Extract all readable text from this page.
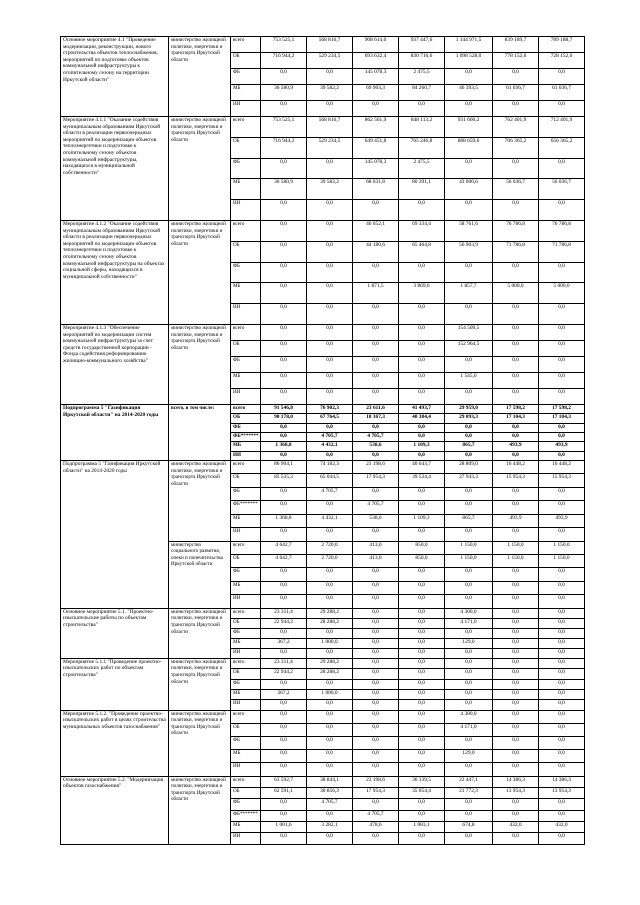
Основное мероприятие 4.1 "Проведение модернизации, реконструкции, нового строительства объектов теплоснабжения, мероприятий по подготовке объектов коммунальной инфраструктуры к отопительному сезону на территории Иркутской области"	министерство жилищной политики, энергетики и транспорта Иркутской области	всего	753 525,1	568 816,7	908 614,0	937 447,6	1 144 971,5	839 189,7	789 188,7
		ОБ	716 944,2	529 234,5	693 632,4	830 716,6	1 098 528,0	778 152,0	728 152,0
		ФБ	0,0	0,0	145 078,3	2 475,5	0,0	0,0	0,0
		МБ	36 580,9	39 582,2	69 903,3	84 260,7	46 393,5	61 036,7	61 036,7
		ИИ	0,0	0,0	0,0	0,0	0,0	0,0	0,0
Мероприятие 4.1.1 "Оказание содействия муниципальным образованиям Иркутской области в реализации первоочередных мероприятий по модернизации объектов теплоэнергетики и подготовке к отопительному сезону объектов коммунальной инфраструктуры, находящихся в муниципальной собственности"	министерство жилищной политики, энергетики и транспорта Иркутской области	всего	753 525,1	568 816,7	862 561,9	848 113,2	931 660,2	762 401,9	712 401,9
		ОБ	716 944,2	529 234,5	649 451,8	765 246,8	888 659,6	706 365,2	656 365,2
		ФБ	0,0	0,0	145 078,3	2 475,5	0,0	0,0	0,0
		МБ	36 580,9	39 582,2	68 031,8	80 391,1	43 000,6	56 036,7	56 036,7
		ИИ	0,0	0,0	0,0	0,0	0,0	0,0	0,0
Мероприятие 4.1.2 "Оказание содействия муниципальным образованиям Иркутской области в реализации первоочередных мероприятий по модернизации объектов теплоэнергетики и подготовке к отопительному сезону объектов коммунальной инфраструктуры на объектах социальной сферы, находящихся в муниципальной собственности"	министерство жилищной политики, энергетики и транспорта Иркутской области	всего	0,0	0,0	46 052,1	69 334,4	58 761,6	76 786,8	76 786,8
		ОБ	0,0	0,0	44 180,6	65 464,8	56 903,9	71 786,8	71 786,8
		ФБ	0,0	0,0	0,0	0,0	0,0	0,0	0,0
		МБ	0,0	0,0	1 871,5	3 869,6	1 857,7	5 000,0	5 000,0
		ИИ	0,0	0,0	0,0	0,0	0,0	0,0	0,0
Мероприятие 4.1.3 "Обеспечение мероприятий по модернизации систем коммунальной инфраструктуры за счет средств государственной корпорации - Фонда содействия реформированию жилищно-коммунального хозяйства"	министерство жилищной политики, энергетики и транспорта Иркутской области	всего	0,0	0,0	0,0	0,0	154 509,5	0,0	0,0
		ОБ	0,0	0,0	0,0	0,0	152 964,5	0,0	0,0
		ФБ	0,0	0,0	0,0	0,0	0,0	0,0	0,0
		МБ	0,0	0,0	0,0	0,0	1 545,0	0,0	0,0
		ИИ	0,0	0,0	0,0	0,0	0,0	0,0	0,0
Подпрограмма 5 "Газификация Иркутской области" на 2014-2020 годы	всего, в том числе:	всего	91 546,8	76 902,3	23 611,6	41 493,7	29 959,0	17 598,2	17 598,2
		ОБ	90 178,0	67 764,5	18 367,3	40 384,4	29 093,3	17 104,3	17 104,3
		ФБ	0,0	0,0	0,0	0,0	0,0	0,0	0,0
		ФБ*******	0,0	4 705,7	4 705,7	0,0	0,0	0,0	0,0
		МБ	1 368,8	4 432,1	538,6	1 109,3	865,7	493,9	493,9
		ИИ	0,0	0,0	0,0	0,0	0,0	0,0	0,0
Подпрограмма 5 "Газификация Иркутской области" на 2014-2020 годы	министерство жилищной политики, энергетики и транспорта Иркутской области	всего	86 904,1	74 182,3	23 198,6	40 643,7	28 809,0	16 448,2	16 448,2
		ОБ	85 535,3	65 044,5	17 954,3	39 534,4	27 943,3	15 954,3	15 954,3
		ФБ	0,0	4 705,7	0,0	0,0	0,0	0,0	0,0
		ФБ*******	0,0	0,0	4 705,7	0,0	0,0	0,0	0,0
		МБ	1 368,8	4 432,1	538,6	1 109,3	865,7	493,9	493,9
		ИИ	0,0	0,0	0,0	0,0	0,0	0,0	0,0
	министерство социального развития, опеки и попечительства Иркутской области	всего	4 642,7	2 720,0	413,0	850,0	1 150,0	1 150,0	1 150,0
		ОБ	4 642,7	2 720,0	413,0	850,0	1 150,0	1 150,0	1 150,0
		ФБ	0,0	0,0	0,0	0,0	0,0	0,0	0,0
		МБ	0,0	0,0	0,0	0,0	0,0	0,0	0,0
		ИИ	0,0	0,0	0,0	0,0	0,0	0,0	0,0
Основное мероприятие 5.1. "Проектно-изыскательские работы по объектам строительства"	министерство жилищной политики, энергетики и транспорта Иркутской области	всего	23 311,4	29 288,2	0,0	0,0	4 300,0	0,0	0,0
		ОБ	22 944,2	28 288,2	0,0	0,0	4 171,0	0,0	0,0
		ФБ	0,0	0,0	0,0	0,0	0,0	0,0	0,0
		МБ	367,2	1 000,0	0,0	0,0	129,0	0,0	0,0
		ИИ	0,0	0,0	0,0	0,0	0,0	0,0	0,0
Мероприятие 5.1.1 "Проведение проектно-изыскательских работ по объектам строительства"	министерство жилищной политики, энергетики и транспорта Иркутской области	всего	23 311,4	29 288,2	0,0	0,0	0,0	0,0	0,0
		ОБ	22 944,2	28 288,2	0,0	0,0	0,0	0,0	0,0
		ФБ	0,0	0,0	0,0	0,0	0,0	0,0	0,0
		МБ	367,2	1 000,0	0,0	0,0	0,0	0,0	0,0
		ИИ	0,0	0,0	0,0	0,0	0,0	0,0	0,0
Мероприятие 5.1.2. "Проведение проектно-изыскательских работ в целях строительства муниципальных объектов газоснабжения"	министерство жилищной политики, энергетики и транспорта Иркутской области	всего	0,0	0,0	0,0	0,0	4 300,0	0,0	0,0
		ОБ	0,0	0,0	0,0	0,0	4 171,0	0,0	0,0
		ФБ	0,0	0,0	0,0	0,0	0,0	0,0	0,0
		МБ	0,0	0,0	0,0	0,0	129,0	0,0	0,0
		ИИ	0,0	0,0	0,0	0,0	0,0	0,0	0,0
Основное мероприятие 5.2. "Модернизация объектов газоснабжения"	министерство жилищной политики, энергетики и транспорта Иркутской области	всего	63 592,7	38 844,1	23 198,6	36 139,5	22 447,1	14 386,3	14 386,3
		ОБ	62 591,1	30 856,3	17 954,3	35 054,4	21 772,3	13 954,3	13 954,3
		ФБ	0,0	4 705,7	0,0	0,0	0,0	0,0	0,0
		ФБ*******	0,0	0,0	4 705,7	0,0	0,0	0,0	0,0
		МБ	1 001,6	3 282,1	478,6	1 083,1	674,8	432,0	432,0
		ИИ	0,0	0,0	0,0	0,0	0,0	0,0	0,0
